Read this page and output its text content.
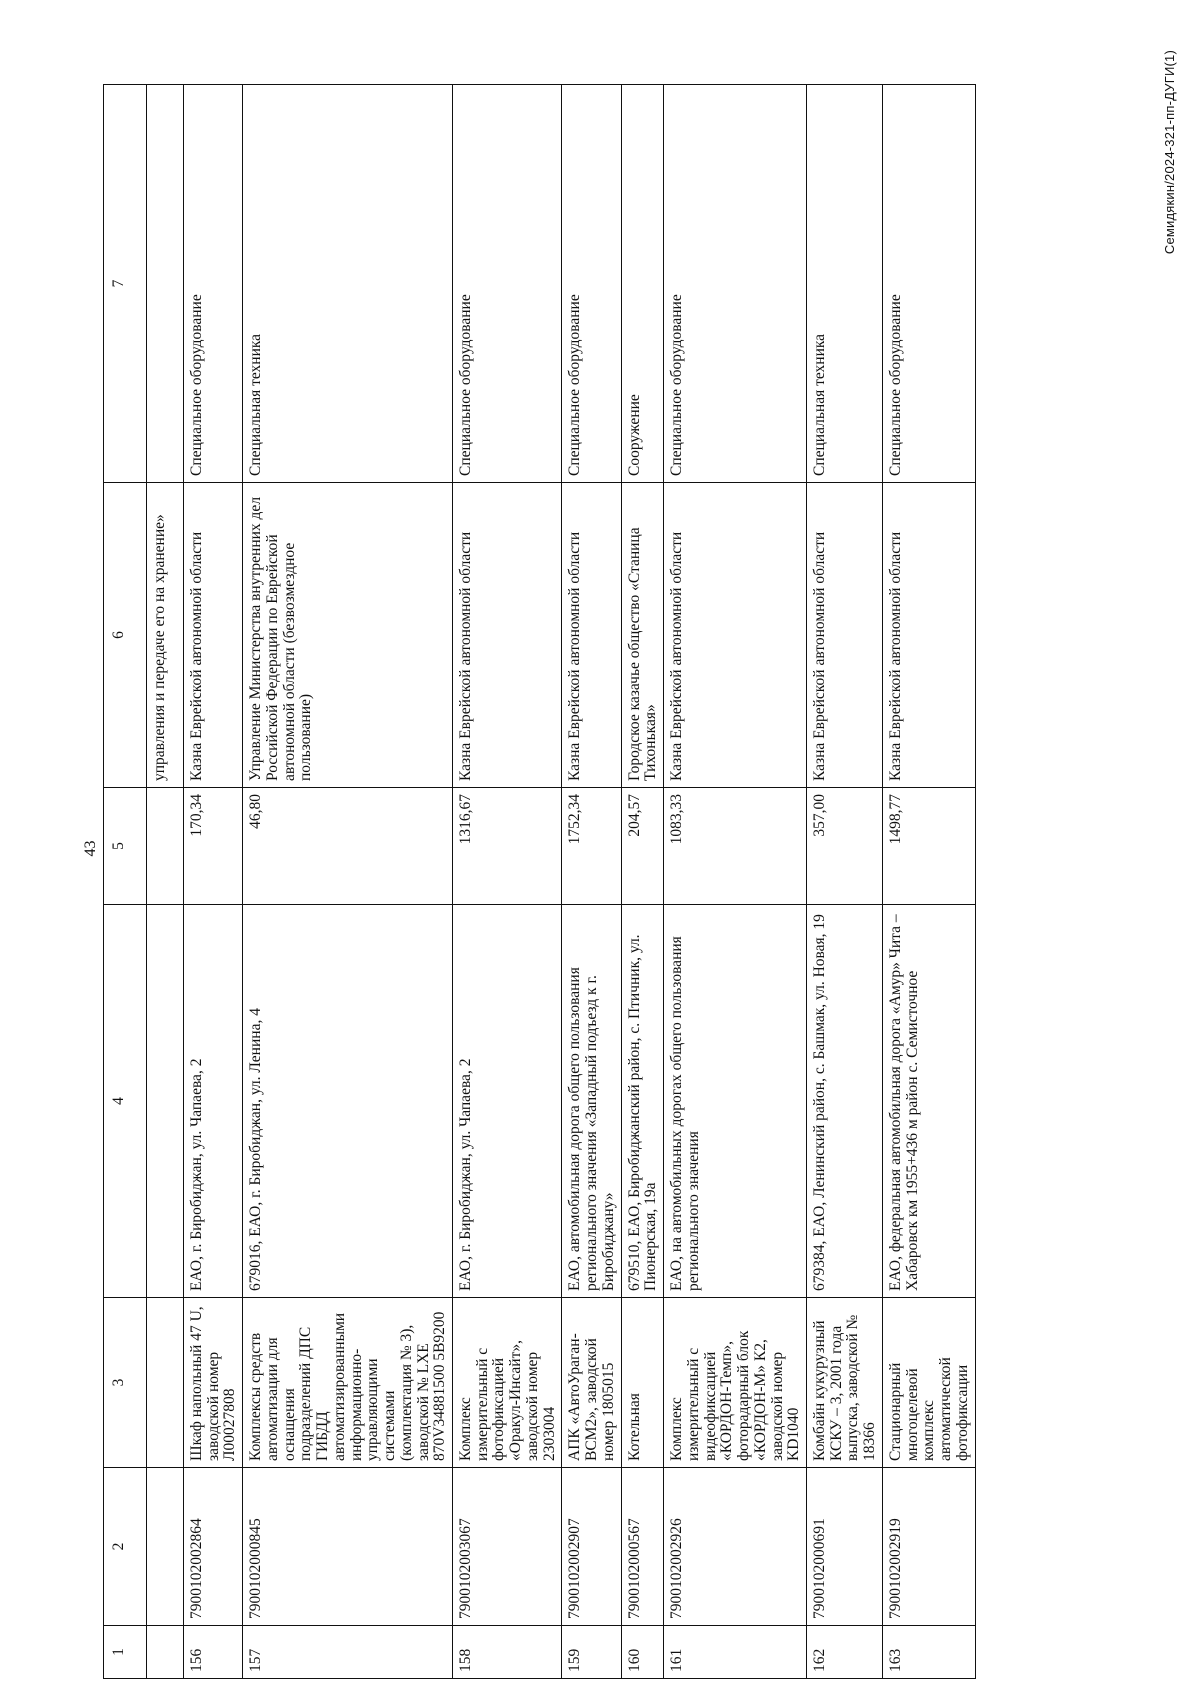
43
1	2	3	4	5	6	7
					управления и передаче его на хранение»	
156	7900102002864	Шкаф напольный 47 U, заводской номер Л00027808	ЕАО, г. Биробиджан, ул. Чапаева, 2	170,34	Казна Еврейской автономной области	Специальное оборудование
157	7900102000845	Комплексы средств автоматизации для оснащения подразделений ДПС ГИБДД автоматизированными информационно-управляющими системами (комплектация № 3), заводской № LXE 870V34881500 5B9200	679016, ЕАО, г. Биробиджан, ул. Ленина, 4	46,80	Управление Министерства внутренних дел Российской Федерации по Еврейской автономной области (безвозмездное пользование)	Специальная техника
158	7900102003067	Комплекс измерительный с фотофиксацией «Оракул-Инсайт», заводской номер 2303004	ЕАО, г. Биробиджан, ул. Чапаева, 2	1316,67	Казна Еврейской автономной области	Специальное оборудование
159	7900102002907	АПК «АвтоУраган-ВСМ2», заводской номер 1805015	ЕАО, автомобильная дорога общего пользования регионального значения «Западный подъезд к г. Биробиджану»	1752,34	Казна Еврейской автономной области	Специальное оборудование
160	7900102000567	Котельная	679510, ЕАО, Биробиджанский район, с. Птичник, ул. Пионерская, 19а	204,57	Городское казачье общество «Станица Тихонькая»	Сооружение
161	7900102002926	Комплекс измерительный с видеофиксацией «КОРДОН-Темп», фоторадарный блок «КОРДОН-М» К2, заводской номер KD1040	ЕАО, на автомобильных дорогах общего пользования регионального значения	1083,33	Казна Еврейской автономной области	Специальное оборудование
162	7900102000691	Комбайн кукурузный КСКУ – 3, 2001 года выпуска, заводской № 18366	679384, ЕАО, Ленинский район, с. Башмак, ул. Новая, 19	357,00	Казна Еврейской автономной области	Специальная техника
163	7900102002919	Стационарный многоцелевой комплекс автоматической фотофиксации	ЕАО, федеральная автомобильная дорога «Амур» Чита – Хабаровск км 1955+436 м район с. Семисточное	1498,77	Казна Еврейской автономной области	Специальное оборудование
Семидякин/2024-321-пп-ДУГИ(1)
